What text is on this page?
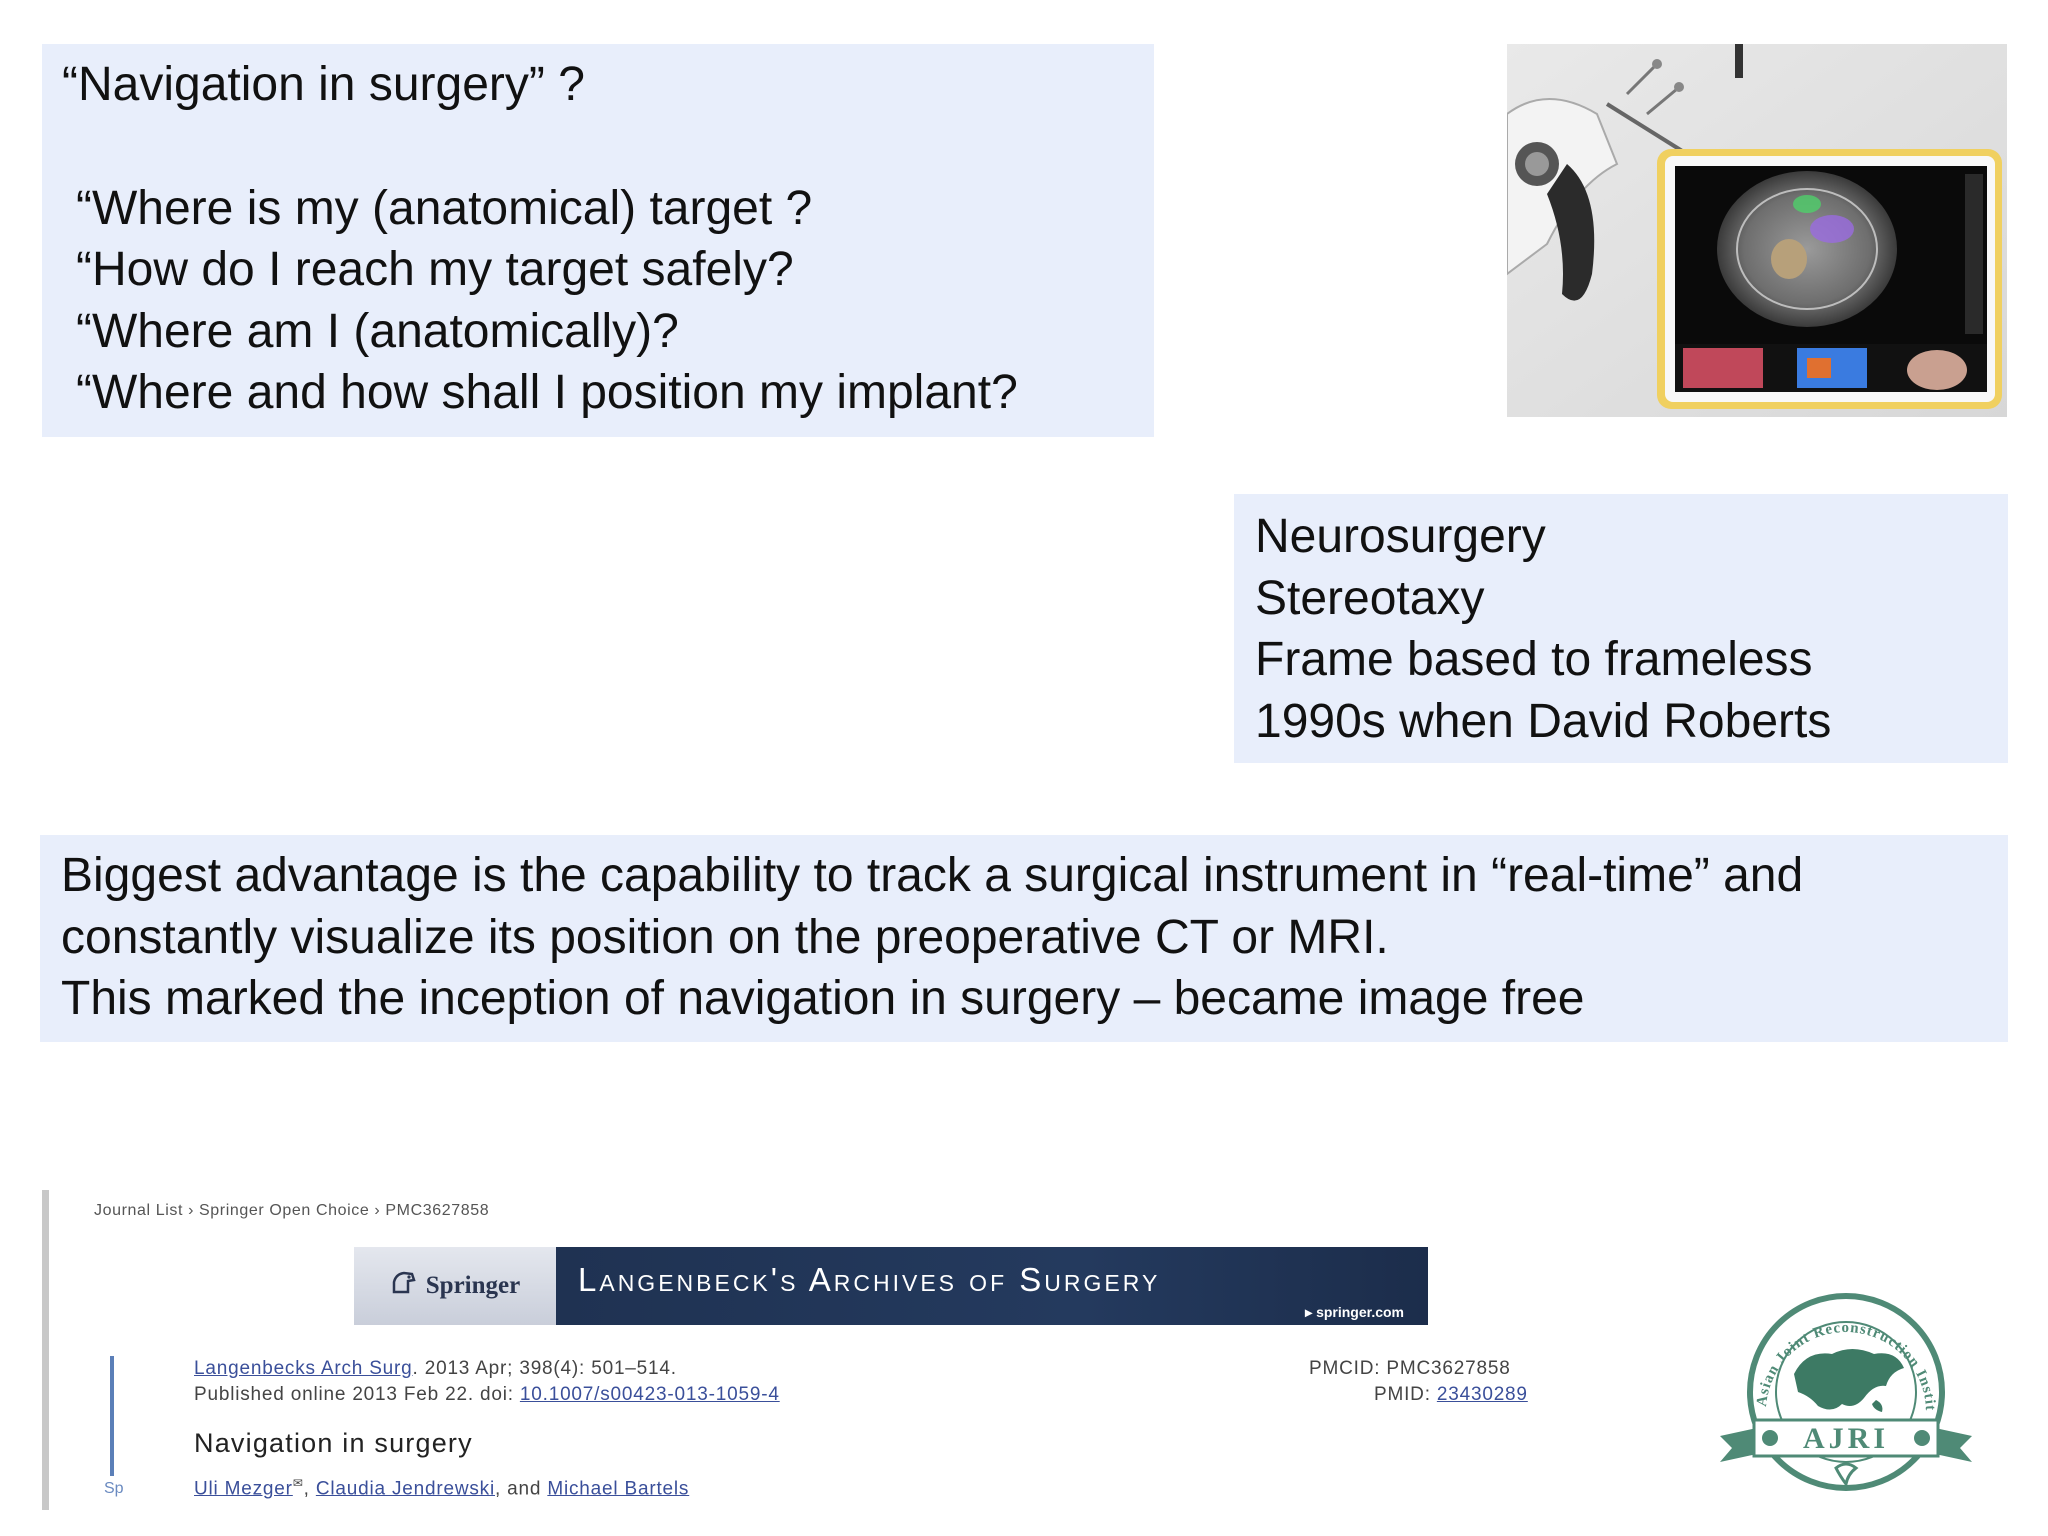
“Navigation in surgery” ?
“Where is my (anatomical) target ?
“How do I reach my target safely?
“Where am I (anatomically)?
“Where and how shall I position my implant?
Neurosurgery
Stereotaxy
Frame based to frameless
1990s when David Roberts
Biggest advantage is the capability to track a surgical instrument in “real-time” and
constantly visualize its position on the preoperative CT or MRI.
This marked the inception of navigation in surgery – became image free
Journal List › Springer Open Choice › PMC3627858
Springer Langenbeck's Archives of Surgery
▸ springer.com
Langenbecks Arch Surg. 2013 Apr; 398(4): 501–514.
Published online 2013 Feb 22. doi: 10.1007/s00423-013-1059-4
PMCID: PMC3627858
PMID: 23430289
Navigation in surgery
Uli Mezger✉, Claudia Jendrewski, and Michael Bartels
Sp
Asian Joint Reconstruction Instit
AJRI
